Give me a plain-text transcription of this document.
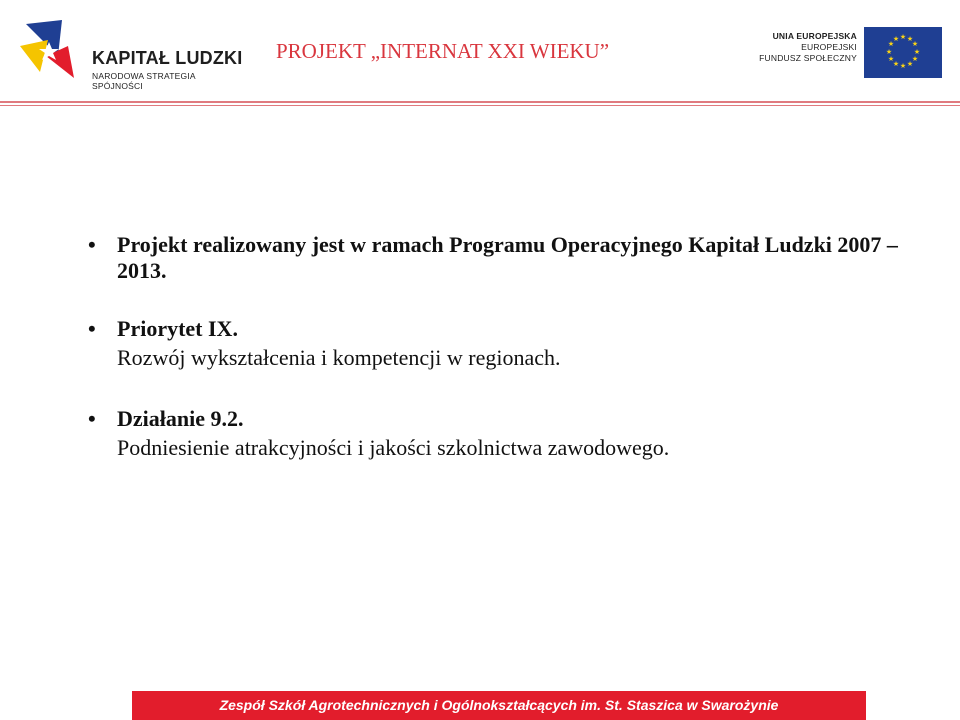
KAPITAŁ LUDZKI
NARODOWA STRATEGIA SPÓJNOŚCI
PROJEKT „INTERNAT XXI WIEKU”
UNIA EUROPEJSKA
EUROPEJSKI
FUNDUSZ SPOŁECZNY
★ ★
★
★
★
★
★
★
★
★
★
★
• Projekt realizowany jest w ramach Programu Operacyjnego Kapitał Ludzki 2007 – 2013.
• Priorytet IX.
Rozwój wykształcenia i kompetencji w regionach.
• Działanie 9.2.
Podniesienie atrakcyjności i jakości szkolnictwa zawodowego.
Zespół Szkół Agrotechnicznych i Ogólnokształcących im. St. Staszica w Swarożynie
